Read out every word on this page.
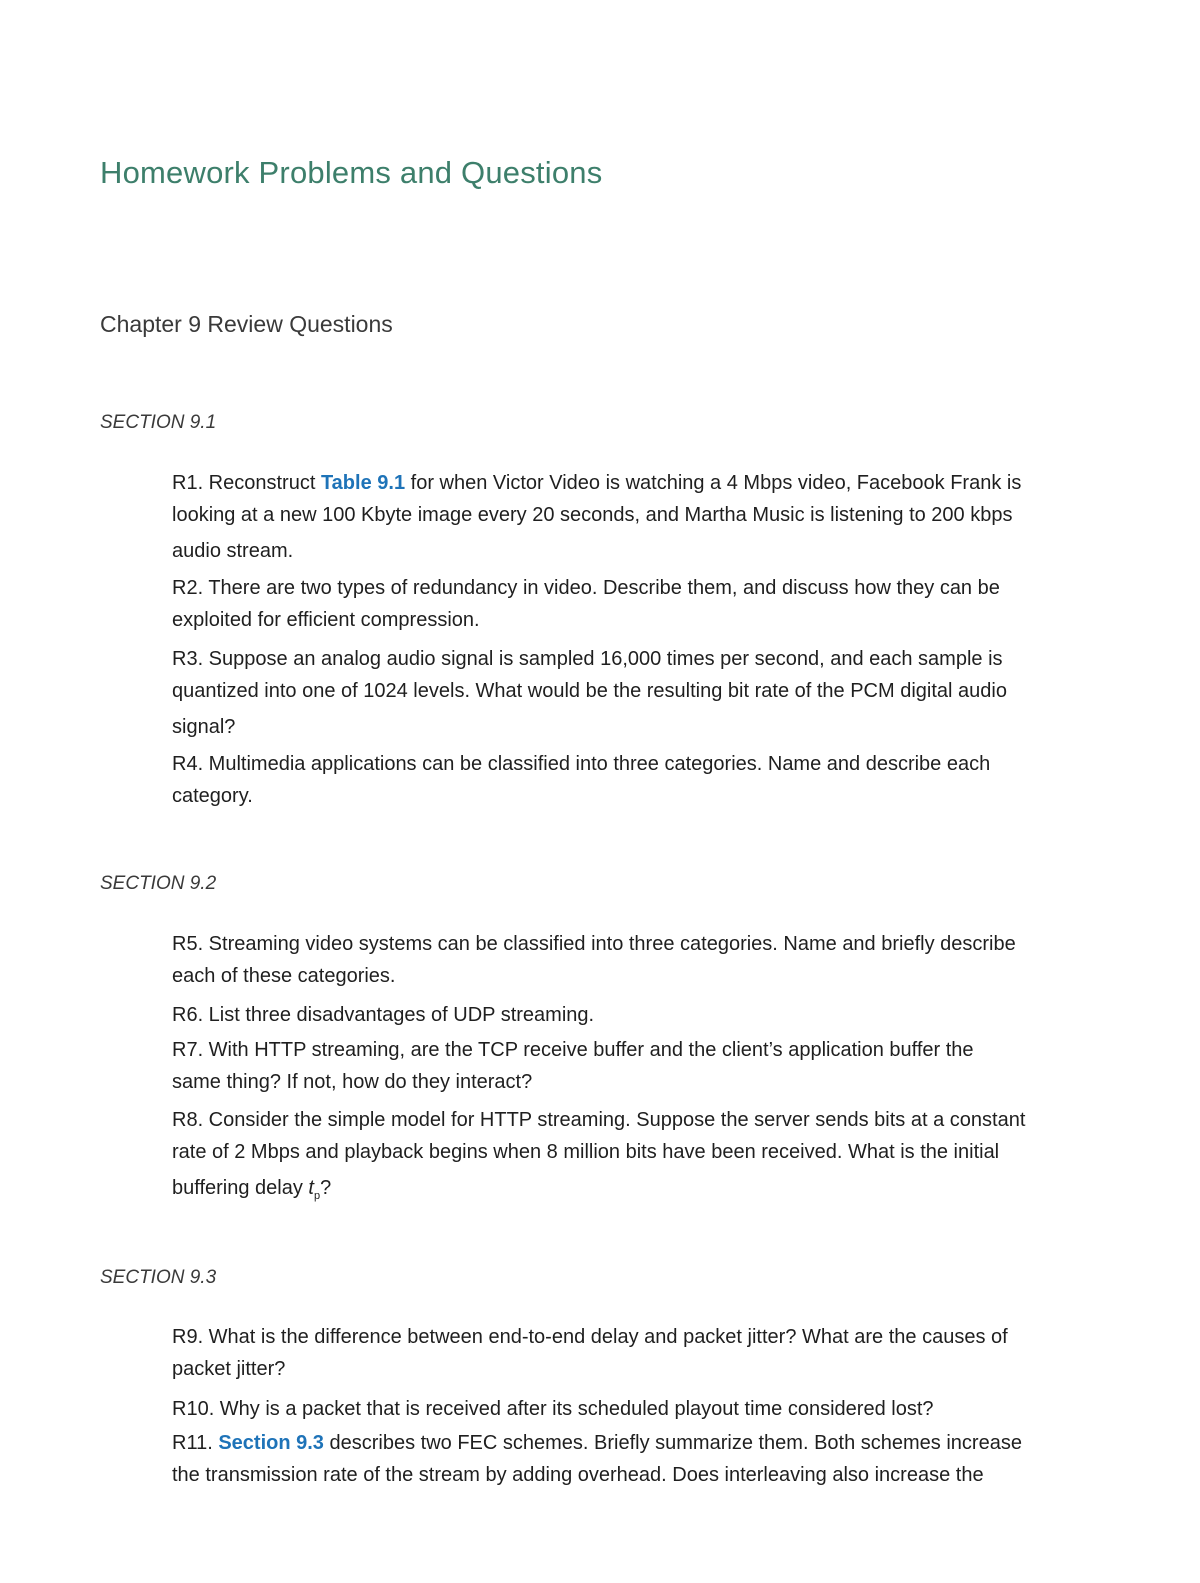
Homework Problems and Questions
Chapter 9 Review Questions
SECTION 9.1

R1. Reconstruct Table 9.1 for when Victor Video is watching a 4 Mbps video, Facebook Frank is
looking at a new 100 Kbyte image every 20 seconds, and Martha Music is listening to 200 kbps
audio stream.

R2. There are two types of redundancy in video. Describe them, and discuss how they can be
exploited for efficient compression.

R3. Suppose an analog audio signal is sampled 16,000 times per second, and each sample is
quantized into one of 1024 levels. What would be the resulting bit rate of the PCM digital audio
signal?

R4. Multimedia applications can be classified into three categories. Name and describe each
category.

SECTION 9.2

R5. Streaming video systems can be classified into three categories. Name and briefly describe
each of these categories.

R6. List three disadvantages of UDP streaming.

R7. With HTTP streaming, are the TCP receive buffer and the client’s application buffer the
same thing? If not, how do they interact?

R8. Consider the simple model for HTTP streaming. Suppose the server sends bits at a constant
rate of 2 Mbps and playback begins when 8 million bits have been received. What is the initial
buffering delay $t_p$?

SECTION 9.3

R9. What is the difference between end-to-end delay and packet jitter? What are the causes of
packet jitter?

R10. Why is a packet that is received after its scheduled playout time considered lost?

R11. Section 9.3 describes two FEC schemes. Briefly summarize them. Both schemes increase
the transmission rate of the stream by adding overhead. Does interleaving also increase the
